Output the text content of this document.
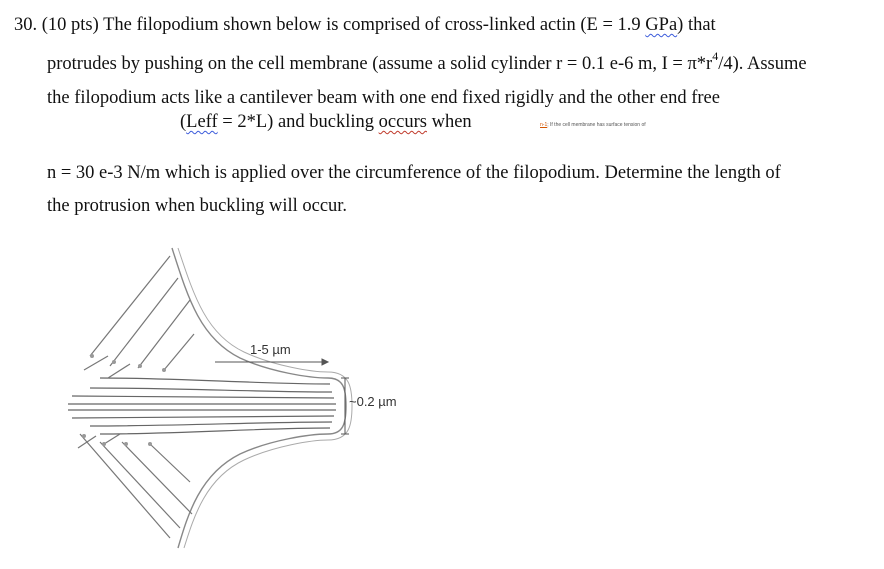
30. (10 pts) The filopodium shown below is comprised of cross-linked actin (E = 1.9 GPa) that
protrudes by pushing on the cell membrane (assume a solid cylinder r = 0.1 e-6 m, $I = \pi*r^4/4$). Assume
the filopodium acts like a cantilever beam with one end fixed rigidly and the other end free
(Leff = 2*L) and buckling occurs when	n-1; If the cell membrane has surface tension of
n = 30 e-3 N/m which is applied over the circumference of the filopodium. Determine the length of
the protrusion when buckling will occur.
1-5 µm
~0.2 µm
